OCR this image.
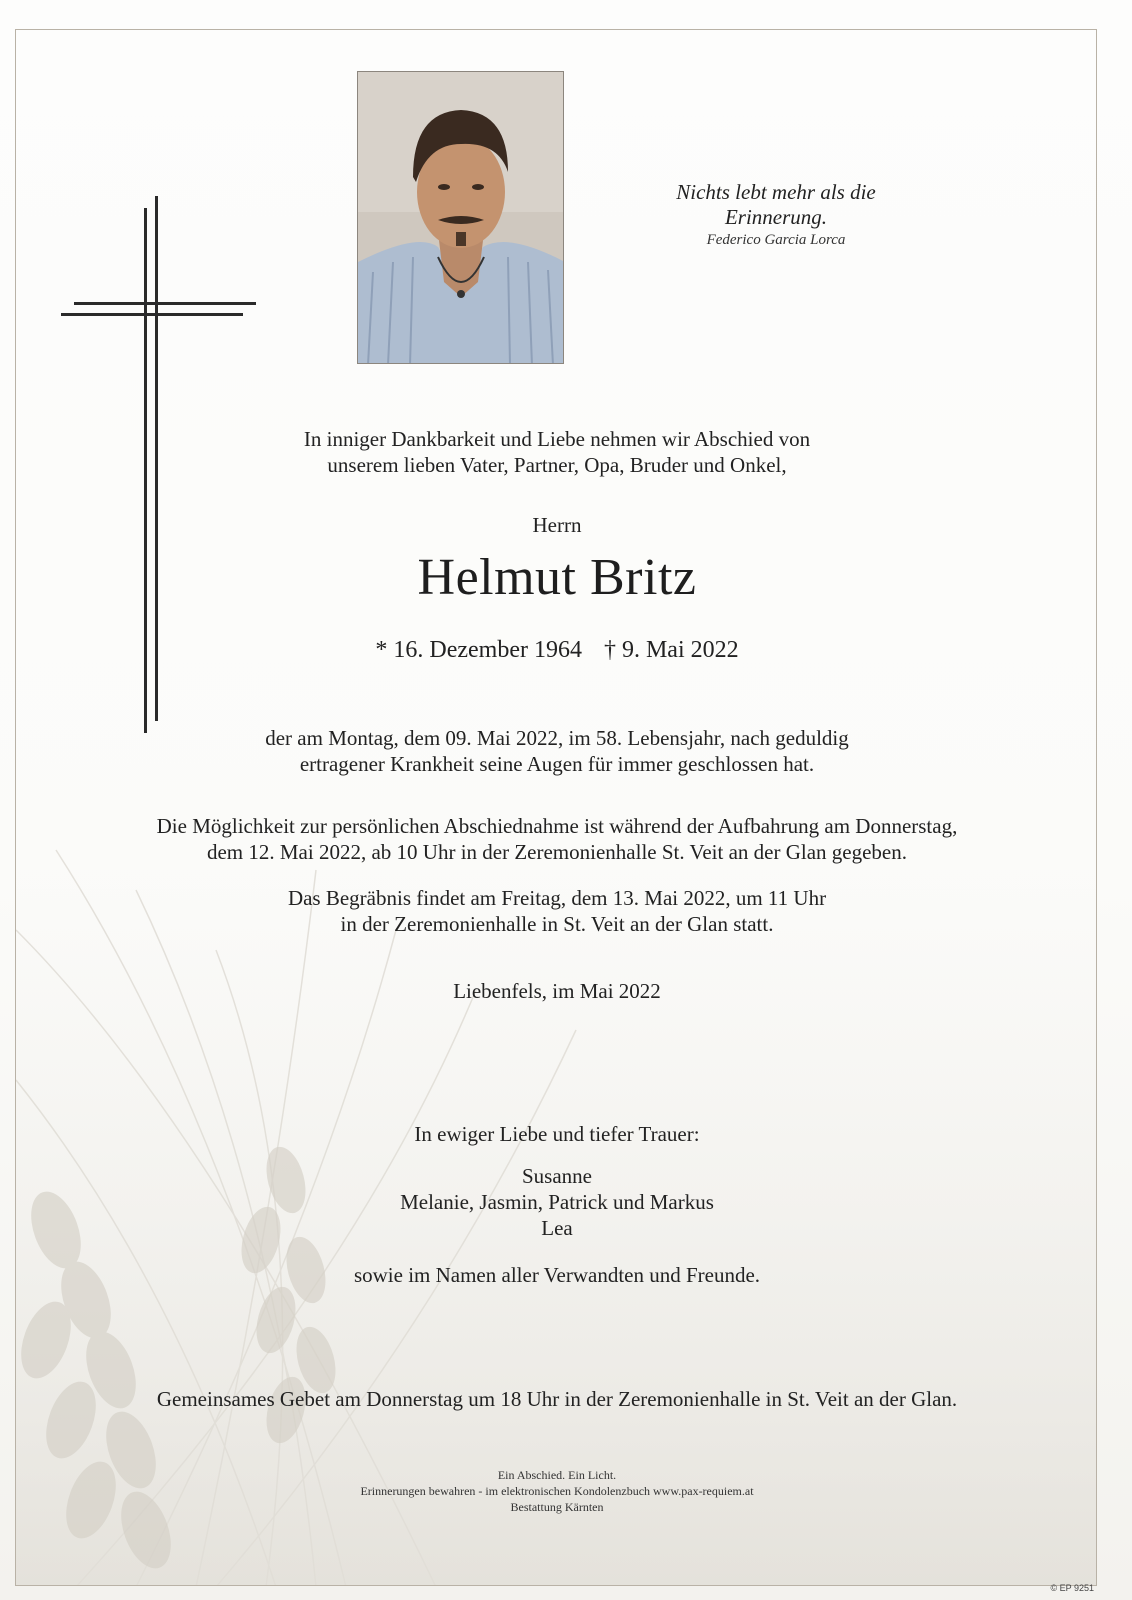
Nichts lebt mehr als die
Erinnerung.
Federico Garcia Lorca
In inniger Dankbarkeit und Liebe nehmen wir Abschied von
unserem lieben Vater, Partner, Opa, Bruder und Onkel,
Herrn
Helmut Britz
* 16. Dezember 1964 † 9. Mai 2022
der am Montag, dem 09. Mai 2022, im 58. Lebensjahr, nach geduldig
ertragener Krankheit seine Augen für immer geschlossen hat.
Die Möglichkeit zur persönlichen Abschiednahme ist während der Aufbahrung am Donnerstag,
dem 12. Mai 2022, ab 10 Uhr in der Zeremonienhalle St. Veit an der Glan gegeben.
Das Begräbnis findet am Freitag, dem 13. Mai 2022, um 11 Uhr
in der Zeremonienhalle in St. Veit an der Glan statt.
Liebenfels, im Mai 2022
In ewiger Liebe und tiefer Trauer:
Susanne
Melanie, Jasmin, Patrick und Markus
Lea
sowie im Namen aller Verwandten und Freunde.
Gemeinsames Gebet am Donnerstag um 18 Uhr in der Zeremonienhalle in St. Veit an der Glan.
Ein Abschied. Ein Licht.
Erinnerungen bewahren - im elektronischen Kondolenzbuch www.pax-requiem.at
Bestattung Kärnten
© EP 9251
